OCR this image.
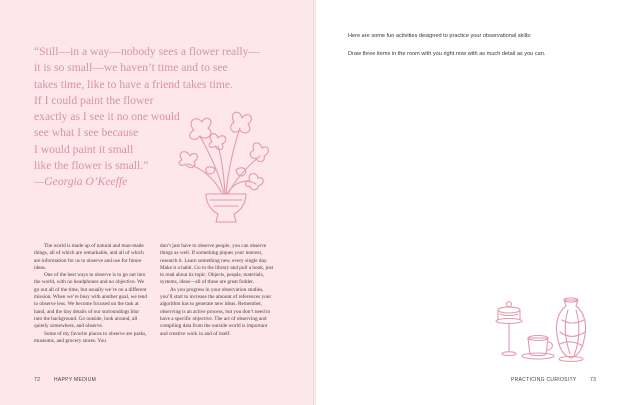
“Still—in a way—nobody sees a flower really—
it is so small—we haven’t time and to see
takes time, like to have a friend takes time.
If I could paint the flower
exactly as I see it no one would
see what I see because
I would paint it small
like the flower is small.”
—Georgia O’Keeffe

The world is made up of natural and man-made things, all of which are remarkable, and all of which are information for us to observe and use for future ideas.

One of the best ways to observe is to go out into the world, with no headphones and no objective. We go out all of the time, but usually we’re on a different mission. When we’re busy with another goal, we tend to observe less. We become focused on the task at hand, and the tiny details of our surroundings blur into the background. Go outside, look around, all quietly somewhere, and observe.

Some of my favorite places to observe are parks, museums, and grocery stores. You

don’t just have to observe people, you can observe things as well. If something piques your interest, research it. Learn something new, every single day. Make it a habit. Go to the library and pull a book, just to read about its topic. Objects, people, materials, systems, ideas—all of these are great fodder.

As you progress in your observation studies, you’ll start to increase the amount of references your algorithm has to generate new ideas. Remember, observing is an active process, but you don’t need to have a specific objective. The act of observing and compiling data from the outside world is important and creative work in and of itself.

72	HAPPY MEDIUM

Here are some fun activities designed to practice your observational skills:

Draw three items in the room with you right now with as much detail as you can.

PRACTICING CURIOSITY	73
